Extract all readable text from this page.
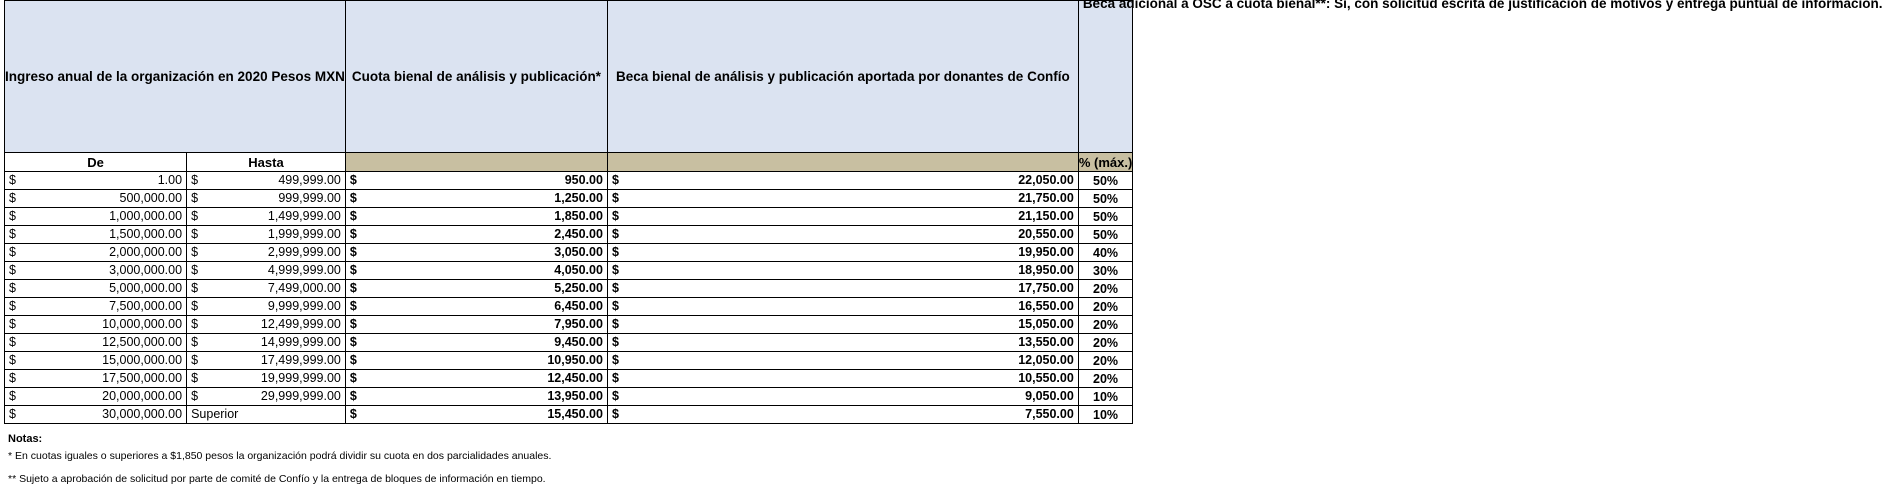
Ingreso anual de la organización en 2020 Pesos MXN		Cuota bienal de análisis y publicación*	Beca bienal de análisis y publicación aportada por donantes de Confío	Beca adicional a OSC a cuota bienal**: Sí, con solicitud escrita de justificación de motivos y entrega puntual de información.

De	Hasta			% (máx.)

$ 1.00	$ 499,999.00	$ 950.00	$ 22,050.00	50%

$ 500,000.00	$ 999,999.00	$ 1,250.00	$ 21,750.00	50%

$ 1,000,000.00	$ 1,499,999.00	$ 1,850.00	$ 21,150.00	50%

$ 1,500,000.00	$ 1,999,999.00	$ 2,450.00	$ 20,550.00	50%

$ 2,000,000.00	$ 2,999,999.00	$ 3,050.00	$ 19,950.00	40%

$ 3,000,000.00	$ 4,999,999.00	$ 4,050.00	$ 18,950.00	30%

$ 5,000,000.00	$ 7,499,000.00	$ 5,250.00	$ 17,750.00	20%

$ 7,500,000.00	$ 9,999,999.00	$ 6,450.00	$ 16,550.00	20%

$ 10,000,000.00	$ 12,499,999.00	$ 7,950.00	$ 15,050.00	20%

$ 12,500,000.00	$ 14,999,999.00	$ 9,450.00	$ 13,550.00	20%

$ 15,000,000.00	$ 17,499,999.00	$ 10,950.00	$ 12,050.00	20%

$ 17,500,000.00	$ 19,999,999.00	$ 12,450.00	$ 10,550.00	20%

$ 20,000,000.00	$ 29,999,999.00	$ 13,950.00	$ 9,050.00	10%

$ 30,000,000.00	Superior	$ 15,450.00	$ 7,550.00	10%
Notas:
* En cuotas iguales o superiores a $1,850 pesos la organización podrá dividir su cuota en dos parcialidades anuales.
** Sujeto a aprobación de solicitud por parte de comité de Confío y la entrega de bloques de información en tiempo.
